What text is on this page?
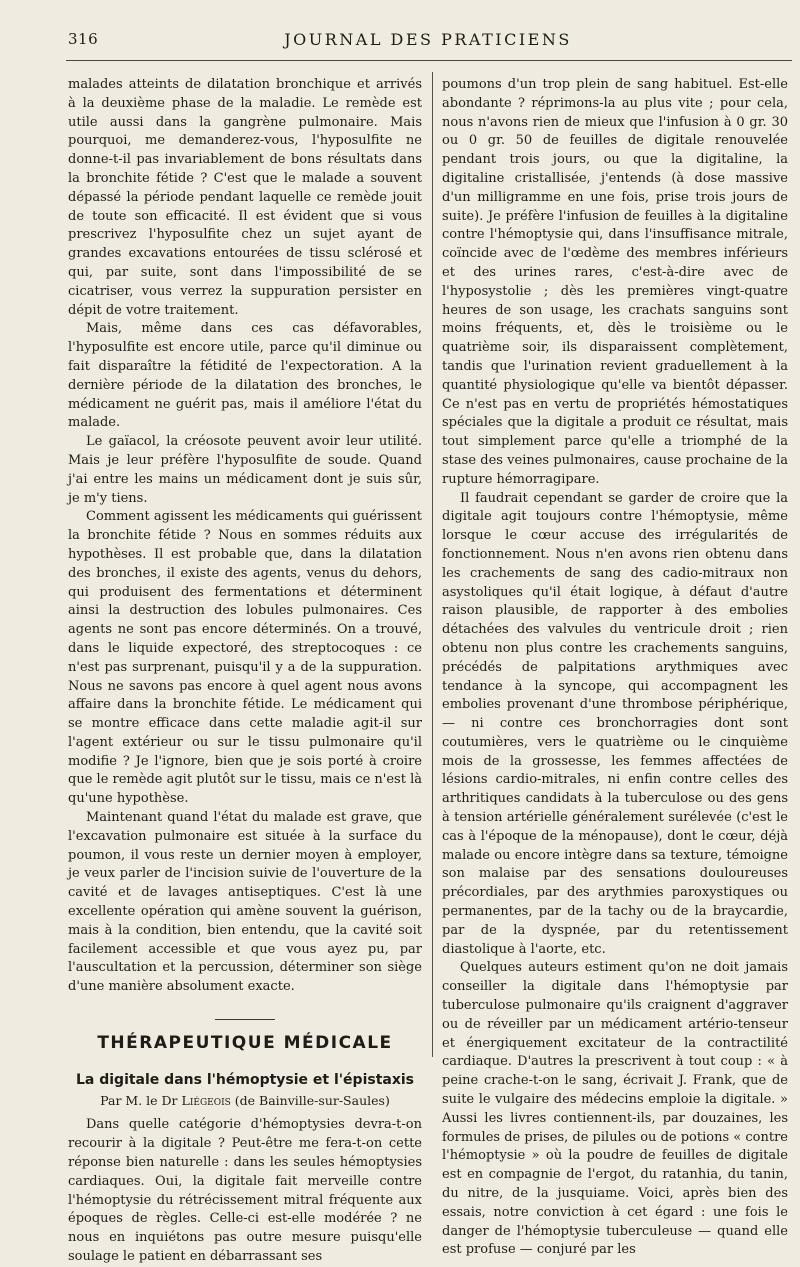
316	JOURNAL DES PRATICIENS

malades atteints de dilatation bronchique et arrivés à la deuxième phase de la maladie. Le remède est utile aussi dans la gangrène pulmonaire. Mais pourquoi, me demanderez-vous, l'hyposulfite ne donne-t-il pas invariablement de bons résultats dans la bronchite fétide ? C'est que le malade a souvent dépassé la période pendant laquelle ce remède jouit de toute son efficacité. Il est évident que si vous prescrivez l'hyposulfite chez un sujet ayant de grandes excavations entourées de tissu sclérosé et qui, par suite, sont dans l'impossibilité de se cicatriser, vous verrez la suppuration persister en dépit de votre traitement.

Mais, même dans ces cas défavorables, l'hyposulfite est encore utile, parce qu'il diminue ou fait disparaître la fétidité de l'expectoration. A la dernière période de la dilatation des bronches, le médicament ne guérit pas, mais il améliore l'état du malade.

Le gaïacol, la créosote peuvent avoir leur utilité. Mais je leur préfère l'hyposulfite de soude. Quand j'ai entre les mains un médicament dont je suis sûr, je m'y tiens.

Comment agissent les médicaments qui guérissent la bronchite fétide ? Nous en sommes réduits aux hypothèses. Il est probable que, dans la dilatation des bronches, il existe des agents, venus du dehors, qui produisent des fermentations et déterminent ainsi la destruction des lobules pulmonaires. Ces agents ne sont pas encore déterminés. On a trouvé, dans le liquide expectoré, des streptocoques : ce n'est pas surprenant, puisqu'il y a de la suppuration. Nous ne savons pas encore à quel agent nous avons affaire dans la bronchite fétide. Le médicament qui se montre efficace dans cette maladie agit-il sur l'agent extérieur ou sur le tissu pulmonaire qu'il modifie ? Je l'ignore, bien que je sois porté à croire que le remède agit plutôt sur le tissu, mais ce n'est là qu'une hypothèse.

Maintenant quand l'état du malade est grave, que l'excavation pulmonaire est située à la surface du poumon, il vous reste un dernier moyen à employer, je veux parler de l'incision suivie de l'ouverture de la cavité et de lavages antiseptiques. C'est là une excellente opération qui amène souvent la guérison, mais à la condition, bien entendu, que la cavité soit facilement accessible et que vous ayez pu, par l'auscultation et la percussion, déterminer son siège d'une manière absolument exacte.

THÉRAPEUTIQUE MÉDICALE
La digitale dans l'hémoptysie et l'épistaxis
Par M. le Dr Liégeois (de Bainville-sur-Saules)

Dans quelle catégorie d'hémoptysies devra-t-on recourir à la digitale ? Peut-être me fera-t-on cette réponse bien naturelle : dans les seules hémoptysies cardiaques. Oui, la digitale fait merveille contre l'hémoptysie du rétrécissement mitral fréquente aux époques de règles. Celle-ci est-elle modérée ? ne nous en inquiétons pas outre mesure puisqu'elle soulage le patient en débarrassant ses

poumons d'un trop plein de sang habituel. Est-elle abondante ? réprimons-la au plus vite ; pour cela, nous n'avons rien de mieux que l'infusion à 0 gr. 30 ou 0 gr. 50 de feuilles de digitale renouvelée pendant trois jours, ou que la digitaline, la digitaline cristallisée, j'entends (à dose massive d'un milligramme en une fois, prise trois jours de suite). Je préfère l'infusion de feuilles à la digitaline contre l'hémoptysie qui, dans l'insuffisance mitrale, coïncide avec de l'œdème des membres inférieurs et des urines rares, c'est-à-dire avec de l'hyposystolie ; dès les premières vingt-quatre heures de son usage, les crachats sanguins sont moins fréquents, et, dès le troisième ou le quatrième soir, ils disparaissent complètement, tandis que l'urination revient graduellement à la quantité physiologique qu'elle va bientôt dépasser. Ce n'est pas en vertu de propriétés hémostatiques spéciales que la digitale a produit ce résultat, mais tout simplement parce qu'elle a triomphé de la stase des veines pulmonaires, cause prochaine de la rupture hémorragipare.

Il faudrait cependant se garder de croire que la digitale agit toujours contre l'hémoptysie, même lorsque le cœur accuse des irrégularités de fonctionnement. Nous n'en avons rien obtenu dans les crachements de sang des cadio-mitraux non asystoliques qu'il était logique, à défaut d'autre raison plausible, de rapporter à des embolies détachées des valvules du ventricule droit ; rien obtenu non plus contre les crachements sanguins, précédés de palpitations arythmiques avec tendance à la syncope, qui accompagnent les embolies provenant d'une thrombose périphérique, — ni contre ces bronchorragies dont sont coutumières, vers le quatrième ou le cinquième mois de la grossesse, les femmes affectées de lésions cardio-mitrales, ni enfin contre celles des arthritiques candidats à la tuberculose ou des gens à tension artérielle généralement surélevée (c'est le cas à l'époque de la ménopause), dont le cœur, déjà malade ou encore intègre dans sa texture, témoigne son malaise par des sensations douloureuses précordiales, par des arythmies paroxystiques ou permanentes, par de la tachy ou de la braycardie, par de la dyspnée, par du retentissement diastolique à l'aorte, etc.

Quelques auteurs estiment qu'on ne doit jamais conseiller la digitale dans l'hémoptysie par tuberculose pulmonaire qu'ils craignent d'aggraver ou de réveiller par un médicament artério-tenseur et énergiquement excitateur de la contractilité cardiaque. D'autres la prescrivent à tout coup : « à peine crache-t-on le sang, écrivait J. Frank, que de suite le vulgaire des médecins emploie la digitale. » Aussi les livres contiennent-ils, par douzaines, les formules de prises, de pilules ou de potions « contre l'hémoptysie » où la poudre de feuilles de digitale est en compagnie de l'ergot, du ratanhia, du tanin, du nitre, de la jusquiame. Voici, après bien des essais, notre conviction à cet égard : une fois le danger de l'hémoptysie tuberculeuse — quand elle est profuse — conjuré par les
